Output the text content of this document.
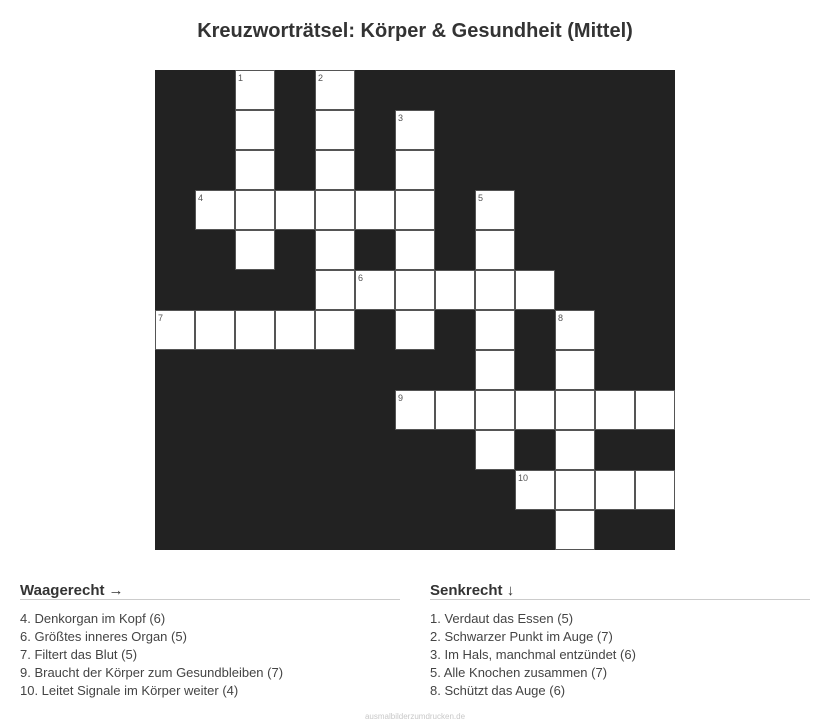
Kreuzworträtsel: Körper & Gesundheit (Mittel)
1	2
3
4	5
6
7	8
9
10
Waagerecht →
4. Denkorgan im Kopf (6)
6. Größtes inneres Organ (5)
7. Filtert das Blut (5)
9. Braucht der Körper zum Gesundbleiben (7)
10. Leitet Signale im Körper weiter (4)
Senkrecht ↓
1. Verdaut das Essen (5)
2. Schwarzer Punkt im Auge (7)
3. Im Hals, manchmal entzündet (6)
5. Alle Knochen zusammen (7)
8. Schützt das Auge (6)
ausmalbilderzumdrucken.de
